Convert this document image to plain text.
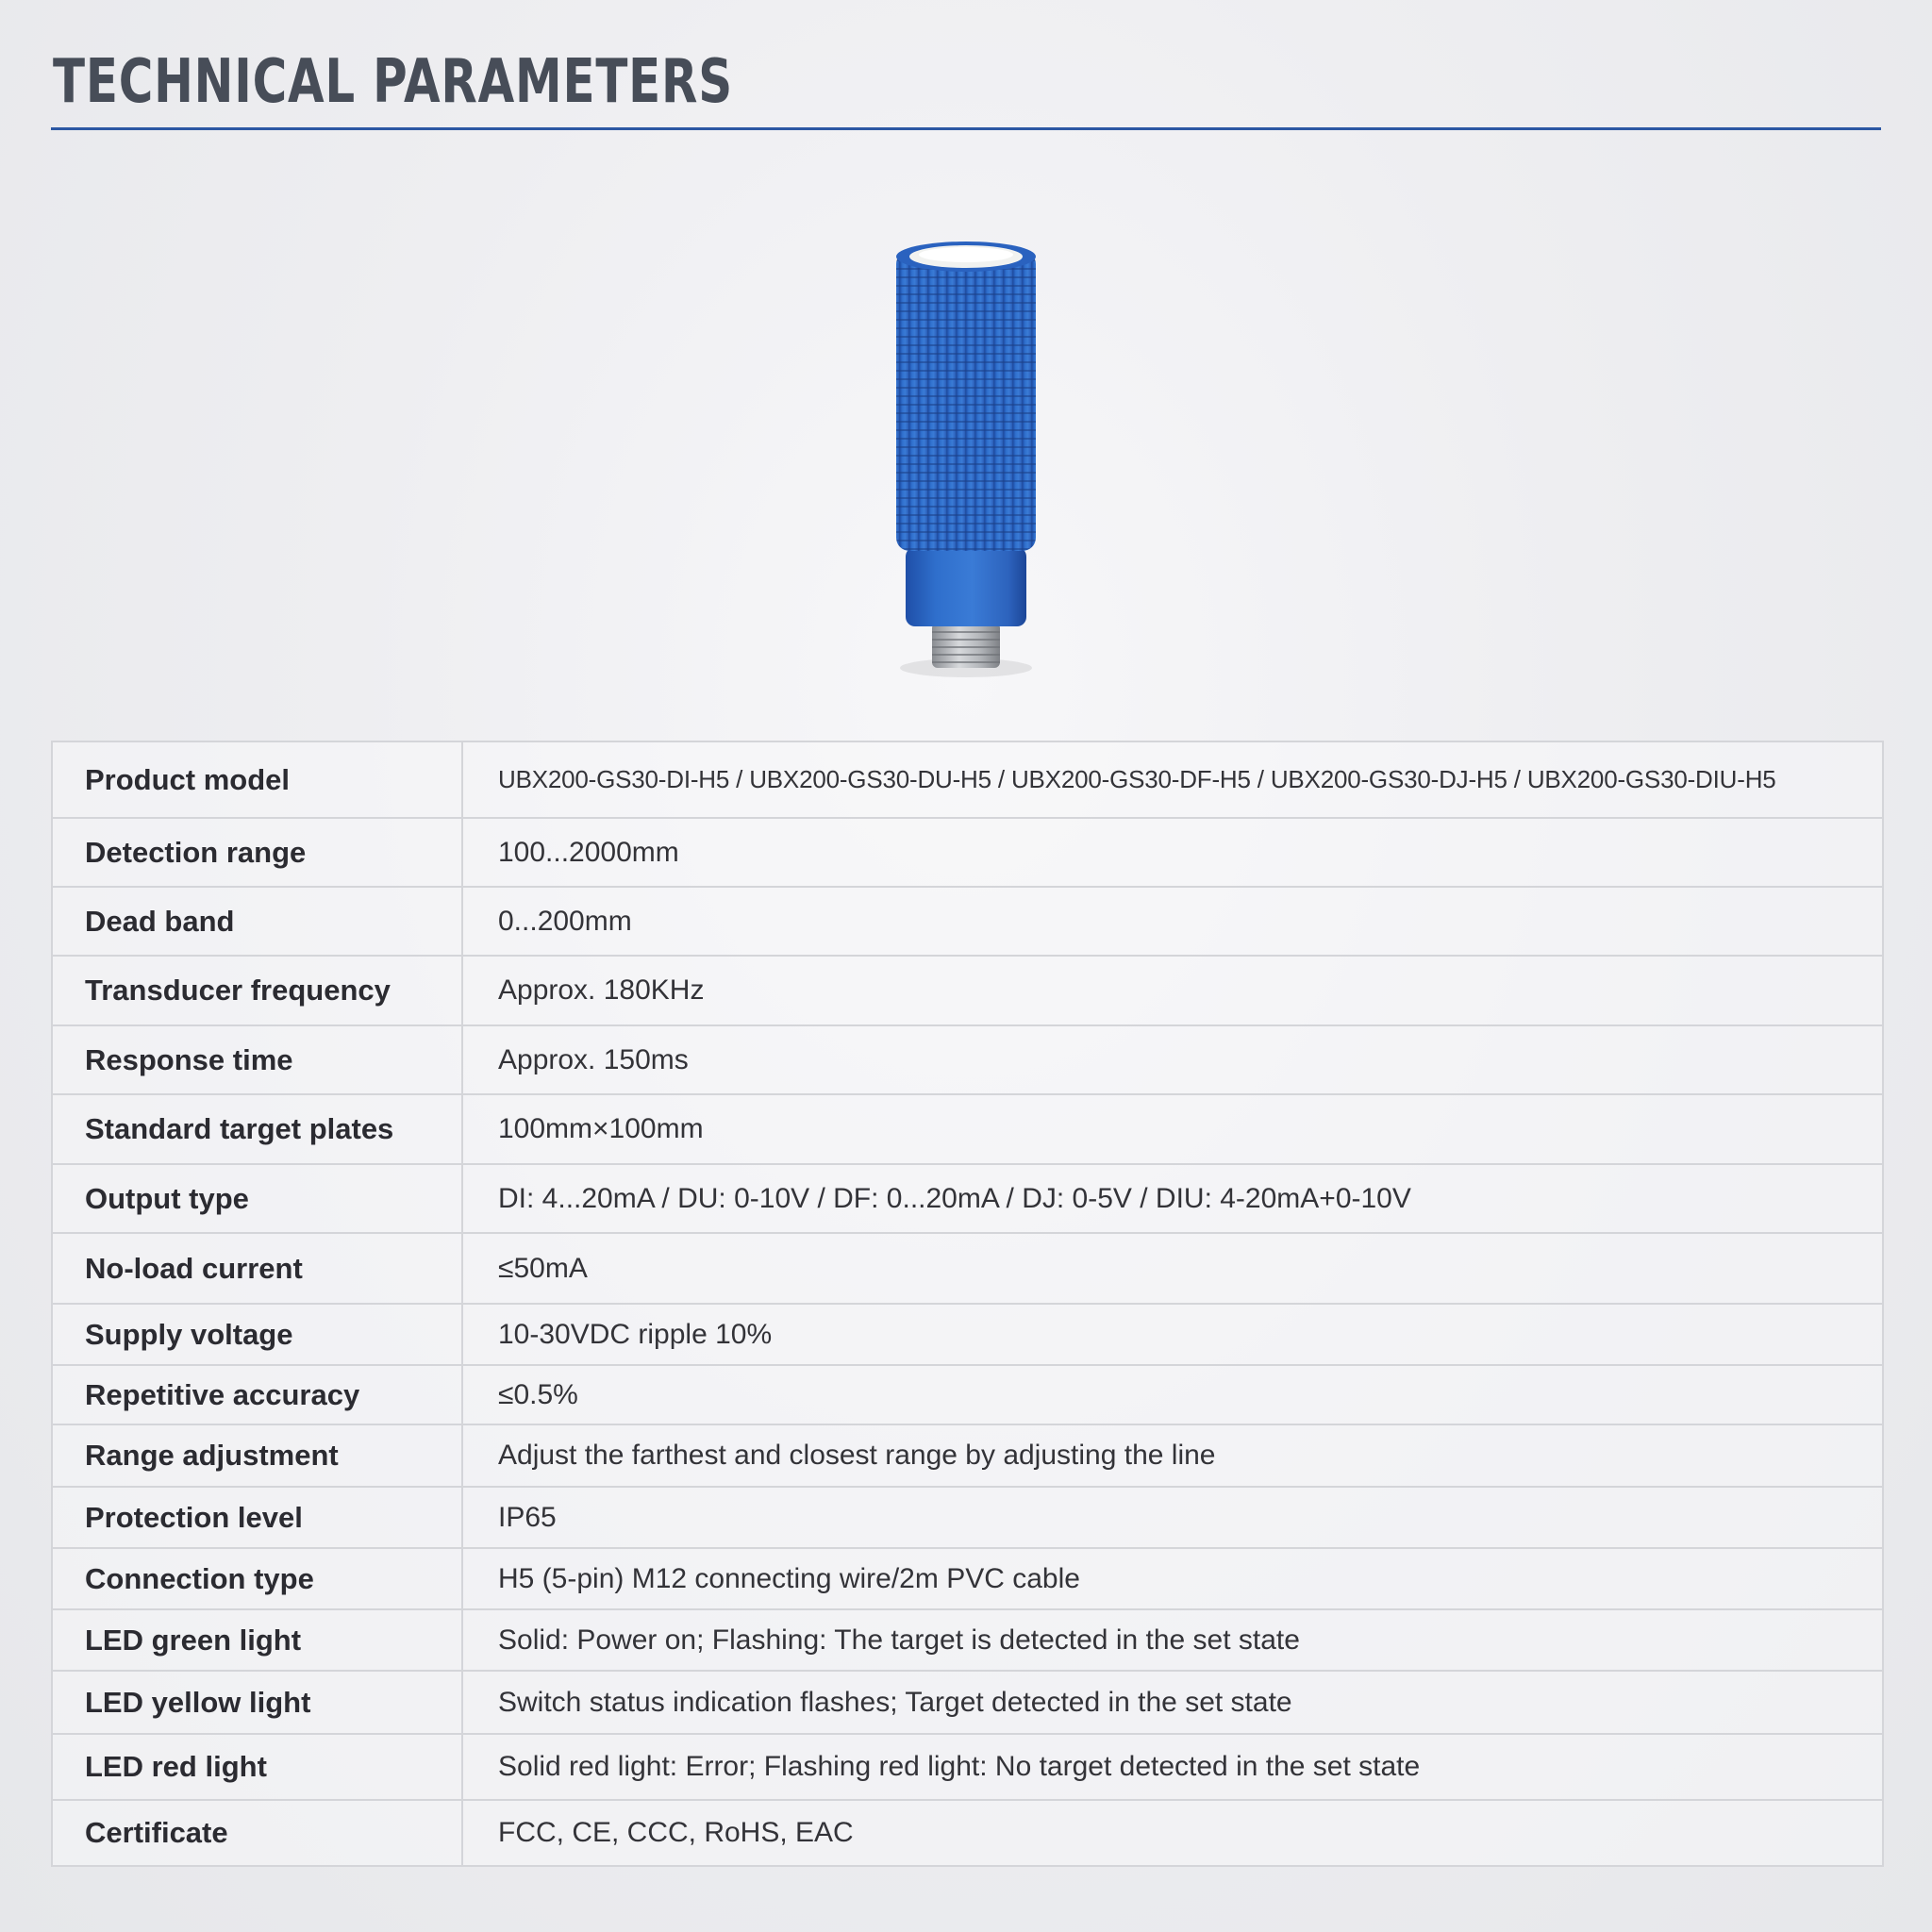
TECHNICAL PARAMETERS
Product model	UBX200-GS30-DI-H5 / UBX200-GS30-DU-H5 / UBX200-GS30-DF-H5 / UBX200-GS30-DJ-H5 / UBX200-GS30-DIU-H5
Detection range	100...2000mm
Dead band	0...200mm
Transducer frequency	Approx. 180KHz
Response time	Approx. 150ms
Standard target plates	100mm×100mm
Output type	DI: 4...20mA / DU: 0-10V / DF: 0...20mA / DJ: 0-5V / DIU: 4-20mA+0-10V
No-load current	≤50mA
Supply voltage	10-30VDC ripple 10%
Repetitive accuracy	≤0.5%
Range adjustment	Adjust the farthest and closest range by adjusting the line
Protection level	IP65
Connection type	H5 (5-pin) M12 connecting wire/2m PVC cable
LED green light	Solid: Power on; Flashing: The target is detected in the set state
LED yellow light	Switch status indication flashes; Target detected in the set state
LED red light	Solid red light: Error; Flashing red light: No target detected in the set state
Certificate	FCC, CE, CCC, RoHS, EAC
